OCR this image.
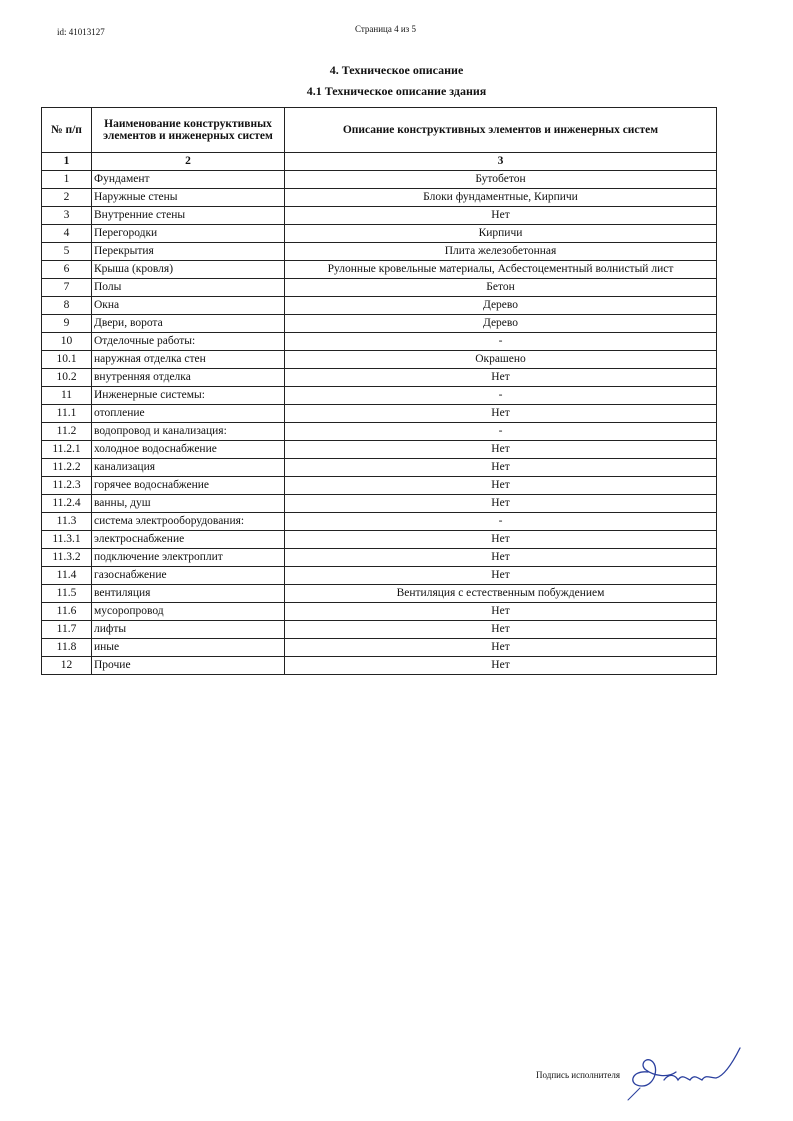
id: 41013127	Страница 4 из 5
4. Техническое описание
4.1 Техническое описание здания
№ п/п	Наименование конструктивных элементов и инженерных систем	Описание конструктивных элементов и инженерных систем
1	2	3
1	Фундамент	Бутобетон
2	Наружные стены	Блоки фундаментные, Кирпичи
3	Внутренние стены	Нет
4	Перегородки	Кирпичи
5	Перекрытия	Плита железобетонная
6	Крыша (кровля)	Рулонные кровельные материалы, Асбестоцементный волнистый лист
7	Полы	Бетон
8	Окна	Дерево
9	Двери, ворота	Дерево
10	Отделочные работы:	-
10.1	наружная отделка стен	Окрашено
10.2	внутренняя отделка	Нет
11	Инженерные системы:	-
11.1	отопление	Нет
11.2	водопровод и канализация:	-
11.2.1	холодное водоснабжение	Нет
11.2.2	канализация	Нет
11.2.3	горячее водоснабжение	Нет
11.2.4	ванны, душ	Нет
11.3	система электрооборудования:	-
11.3.1	электроснабжение	Нет
11.3.2	подключение электроплит	Нет
11.4	газоснабжение	Нет
11.5	вентиляция	Вентиляция с естественным побуждением
11.6	мусоропровод	Нет
11.7	лифты	Нет
11.8	иные	Нет
12	Прочие	Нет
Подпись исполнителя
